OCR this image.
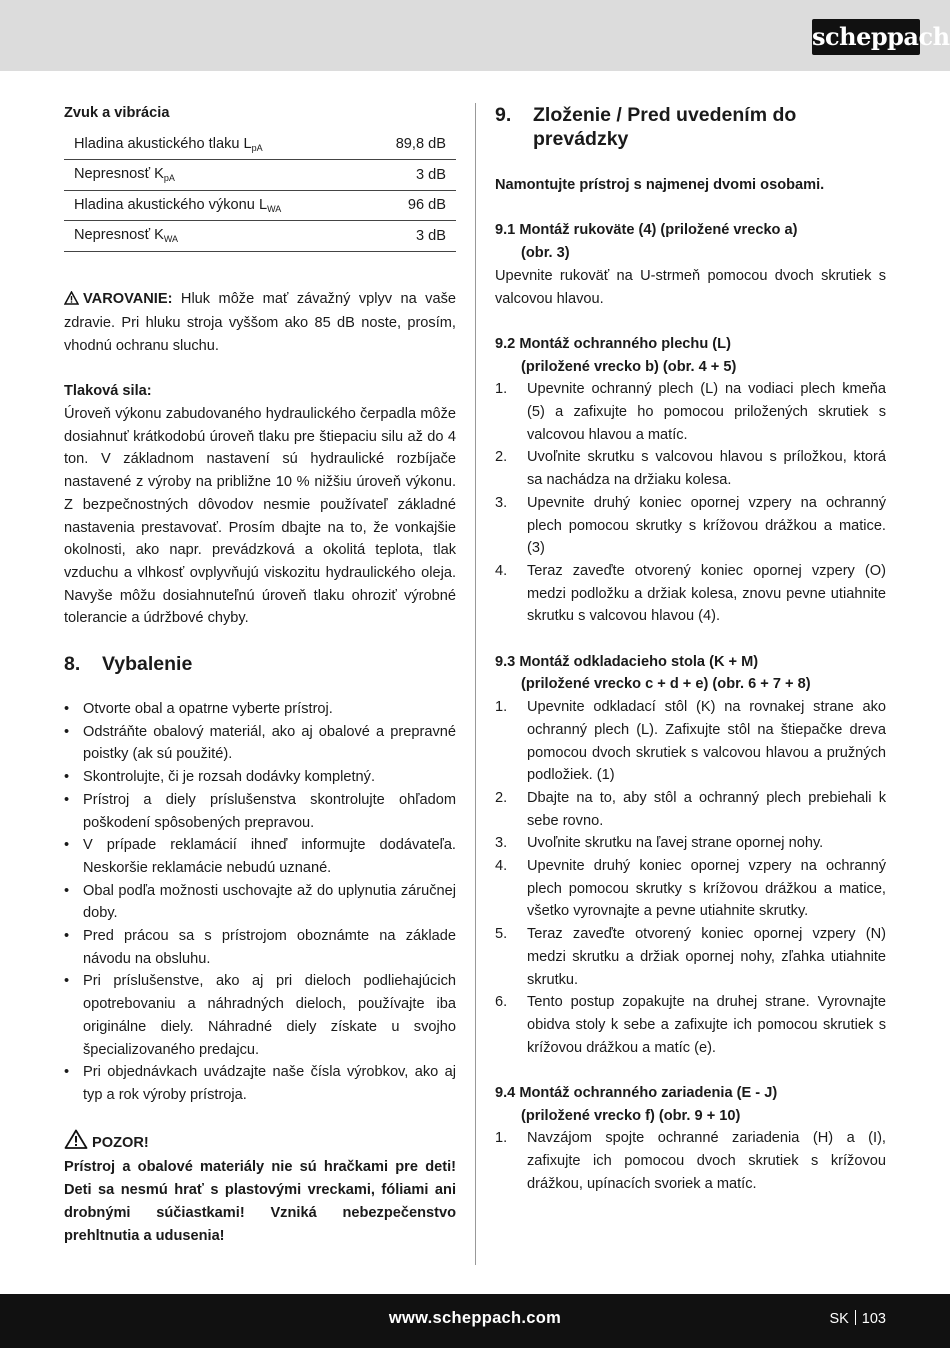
scheppach
Zvuk a vibrácia
Hladina akustického tlaku $L_{pA}$	89,8 dB
Nepresnosť $K_{pA}$	3 dB
Hladina akustického výkonu $L_{WA}$	96 dB
Nepresnosť $K_{WA}$	3 dB

VAROVANIE: Hluk môže mať závažný vplyv na vaše zdravie. Pri hluku stroja vyššom ako 85 dB noste, prosím, vhodnú ochranu sluchu.

Tlaková sila:

Úroveň výkonu zabudovaného hydraulického čerpadla môže dosiahnuť krátkodobú úroveň tlaku pre štiepaciu silu až do 4 ton. V základnom nastavení sú hydraulické rozbíjače nastavené z výroby na približne 10 % nižšiu úroveň výkonu. Z bezpečnostných dôvodov nesmie používateľ základné nastavenia prestavovať. Prosím dbajte na to, že vonkajšie okolnosti, ako napr. prevádzková a okolitá teplota, tlak vzduchu a vlhkosť ovplyvňujú viskozitu hydraulického oleja. Navyše môžu dosiahnuteľnú úroveň tlaku ohroziť výrobné tolerancie a údržbové chyby.

8. Vybalenie
• Otvorte obal a opatrne vyberte prístroj.
• Odstráňte obalový materiál, ako aj obalové a prepravné poistky (ak sú použité).
• Skontrolujte, či je rozsah dodávky kompletný.
• Prístroj a diely príslušenstva skontrolujte ohľadom poškodení spôsobených prepravou.
• V prípade reklamácií ihneď informujte dodávateľa. Neskoršie reklamácie nebudú uznané.
• Obal podľa možnosti uschovajte až do uplynutia záručnej doby.
• Pred prácou sa s prístrojom oboznámte na základe návodu na obsluhu.
• Pri príslušenstve, ako aj pri dieloch podliehajúcich opotrebovaniu a náhradných dieloch, používajte iba originálne diely. Náhradné diely získate u svojho špecializovaného predajcu.
• Pri objednávkach uvádzajte naše čísla výrobkov, ako aj typ a rok výroby prístroja.
POZOR!

Prístroj a obalové materiály nie sú hračkami pre deti! Deti sa nesmú hrať s plastovými vreckami, fóliami ani drobnými súčiastkami! Vzniká nebezpečenstvo prehltnutia a udusenia!

9.	Zloženie / Pred uvedením do prevádzky

Namontujte prístroj s najmenej dvomi osobami.

9.1 Montáž rukoväte (4) (priložené vrecko a)
(obr. 3)

Upevnite rukoväť na U-strmeň pomocou dvoch skrutiek s valcovou hlavou.

9.2 Montáž ochranného plechu (L)
(priložené vrecko b) (obr. 4 + 5)
1. Upevnite ochranný plech (L) na vodiaci plech kmeňa (5) a zafixujte ho pomocou priložených skrutiek s valcovou hlavou a matíc.
2. Uvoľnite skrutku s valcovou hlavou s príložkou, ktorá sa nachádza na držiaku kolesa.
3. Upevnite druhý koniec opornej vzpery na ochranný plech pomocou skrutky s krížovou drážkou a matice. (3)
4. Teraz zaveďte otvorený koniec opornej vzpery (O) medzi podložku a držiak kolesa, znovu pevne utiahnite skrutku s valcovou hlavou (4).
9.3 Montáž odkladacieho stola (K + M)
(priložené vrecko c + d + e) (obr. 6 + 7 + 8)
1. Upevnite odkladací stôl (K) na rovnakej strane ako ochranný plech (L). Zafixujte stôl na štiepačke dreva pomocou dvoch skrutiek s valcovou hlavou a pružných podložiek. (1)
2. Dbajte na to, aby stôl a ochranný plech prebiehali k sebe rovno.
3. Uvoľnite skrutku na ľavej strane opornej nohy.
4. Upevnite druhý koniec opornej vzpery na ochranný plech pomocou skrutky s krížovou drážkou a matice, všetko vyrovnajte a pevne utiahnite skrutky.
5. Teraz zaveďte otvorený koniec opornej vzpery (N) medzi skrutku a držiak opornej nohy, zľahka utiahnite skrutku.
6. Tento postup zopakujte na druhej strane. Vyrovnajte obidva stoly k sebe a zafixujte ich pomocou skrutiek s krížovou drážkou a matíc (e).
9.4 Montáž ochranného zariadenia (E - J)
(priložené vrecko f) (obr. 9 + 10)
1. Navzájom spojte ochranné zariadenia (H) a (I), zafixujte ich pomocou dvoch skrutiek s krížovou drážkou, upínacích svoriek a matíc.
www.scheppach.com	SK 103
